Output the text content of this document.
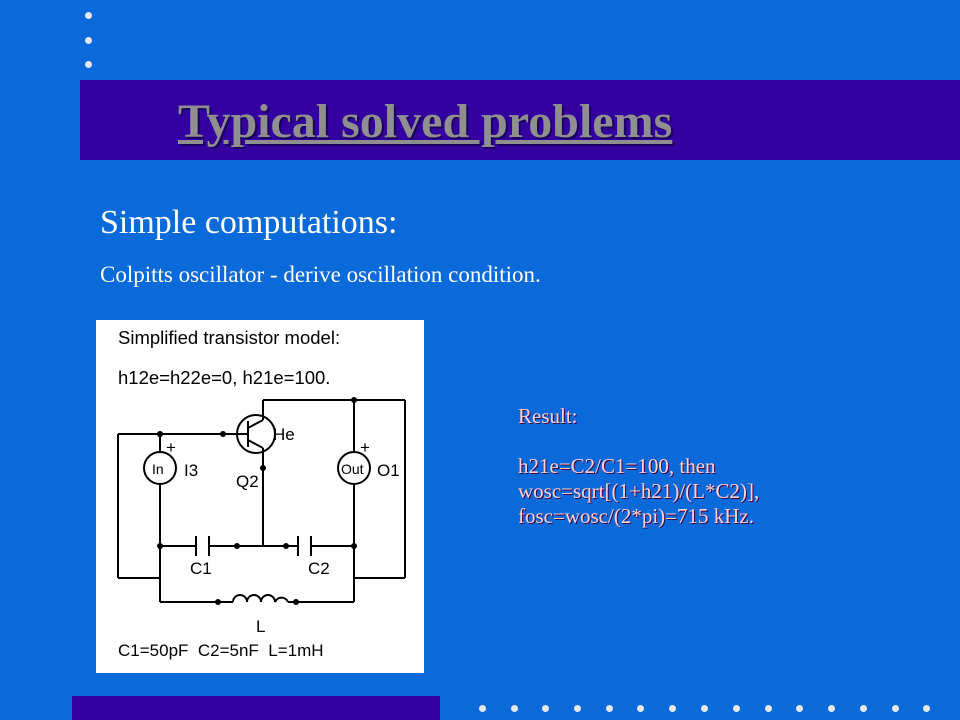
Typical solved problems

Simple computations:

Colpitts oscillator - derive oscillation condition.

Simplified transistor model:
h12e=h22e=0, h21e=100.
+	+
In	Out
I3	O1
He
Q2
C1	C2
L
C1=50pF  C2=5nF  L=1mH
Result:
h21e=C2/C1=100, then
wosc=sqrt[(1+h21)/(L*C2)],
fosc=wosc/(2*pi)=715 kHz.
